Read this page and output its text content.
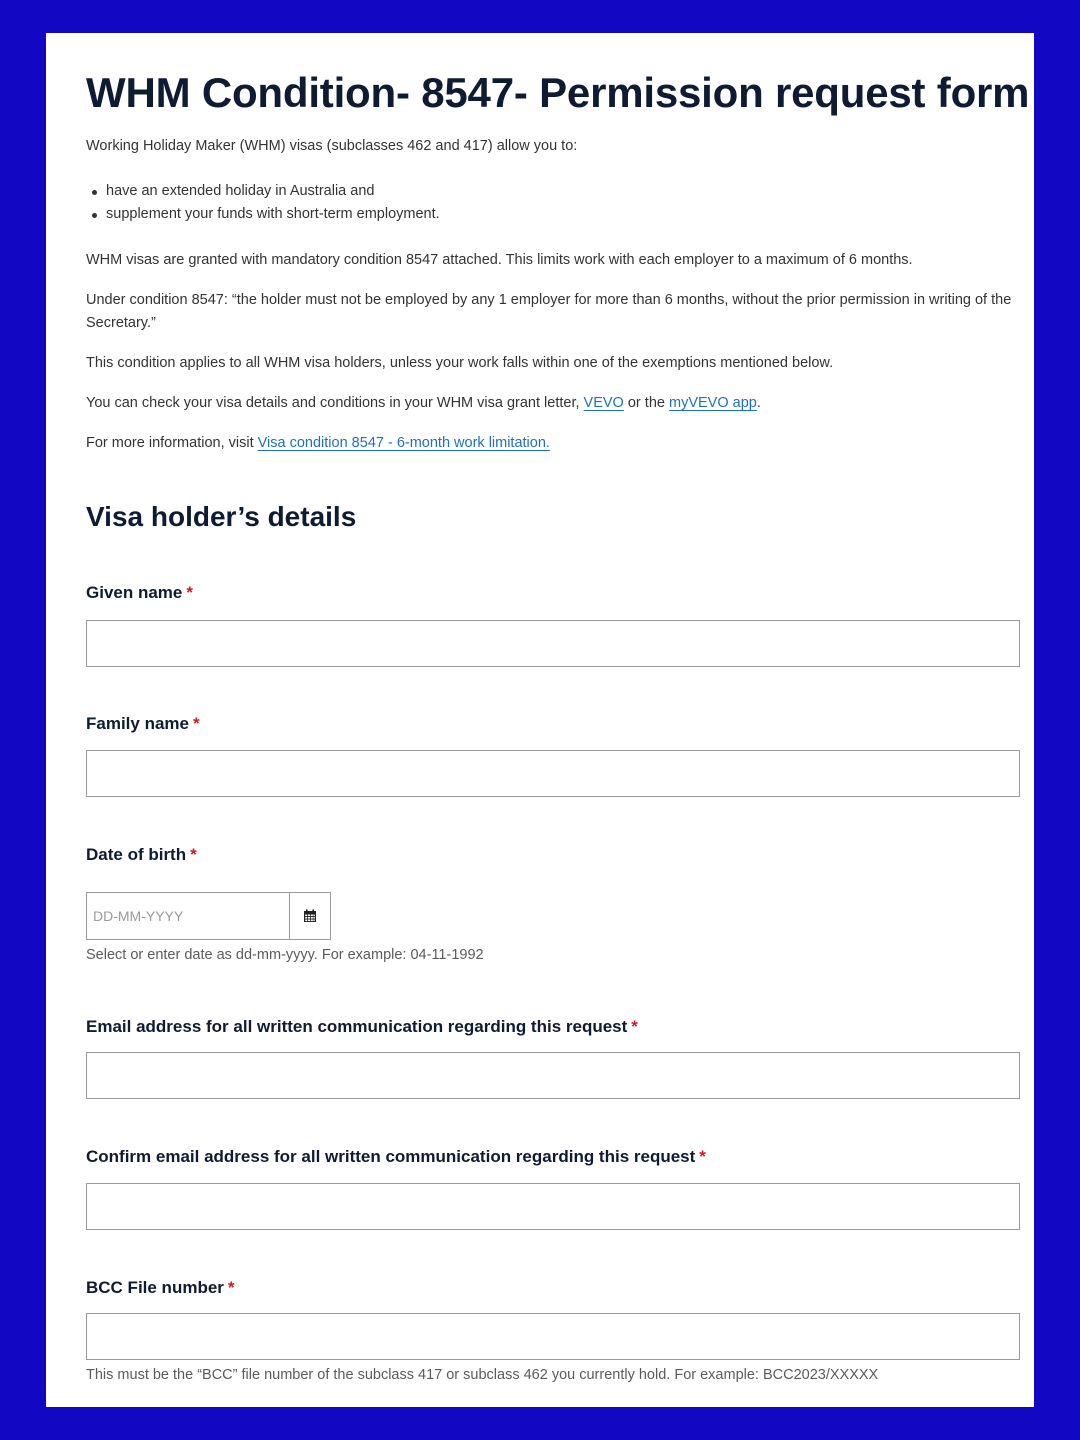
WHM Condition- 8547- Permission request form

Working Holiday Maker (WHM) visas (subclasses 462 and 417) allow you to:

have an extended holiday in Australia and
supplement your funds with short-term employment.

WHM visas are granted with mandatory condition 8547 attached. This limits work with each employer to a maximum of 6 months.

Under condition 8547: “the holder must not be employed by any 1 employer for more than 6 months, without the prior permission in writing of the Secretary.”

This condition applies to all WHM visa holders, unless your work falls within one of the exemptions mentioned below.

You can check your visa details and conditions in your WHM visa grant letter, VEVO or the myVEVO app.

For more information, visit Visa condition 8547 - 6-month work limitation.

Visa holder’s details
Given name *
Family name *
Date of birth *
DD-MM-YYYY
Select or enter date as dd-mm-yyyy. For example: 04-11-1992
Email address for all written communication regarding this request *
Confirm email address for all written communication regarding this request *
BCC File number *
This must be the “BCC” file number of the subclass 417 or subclass 462 you currently hold. For example: BCC2023/XXXXX
